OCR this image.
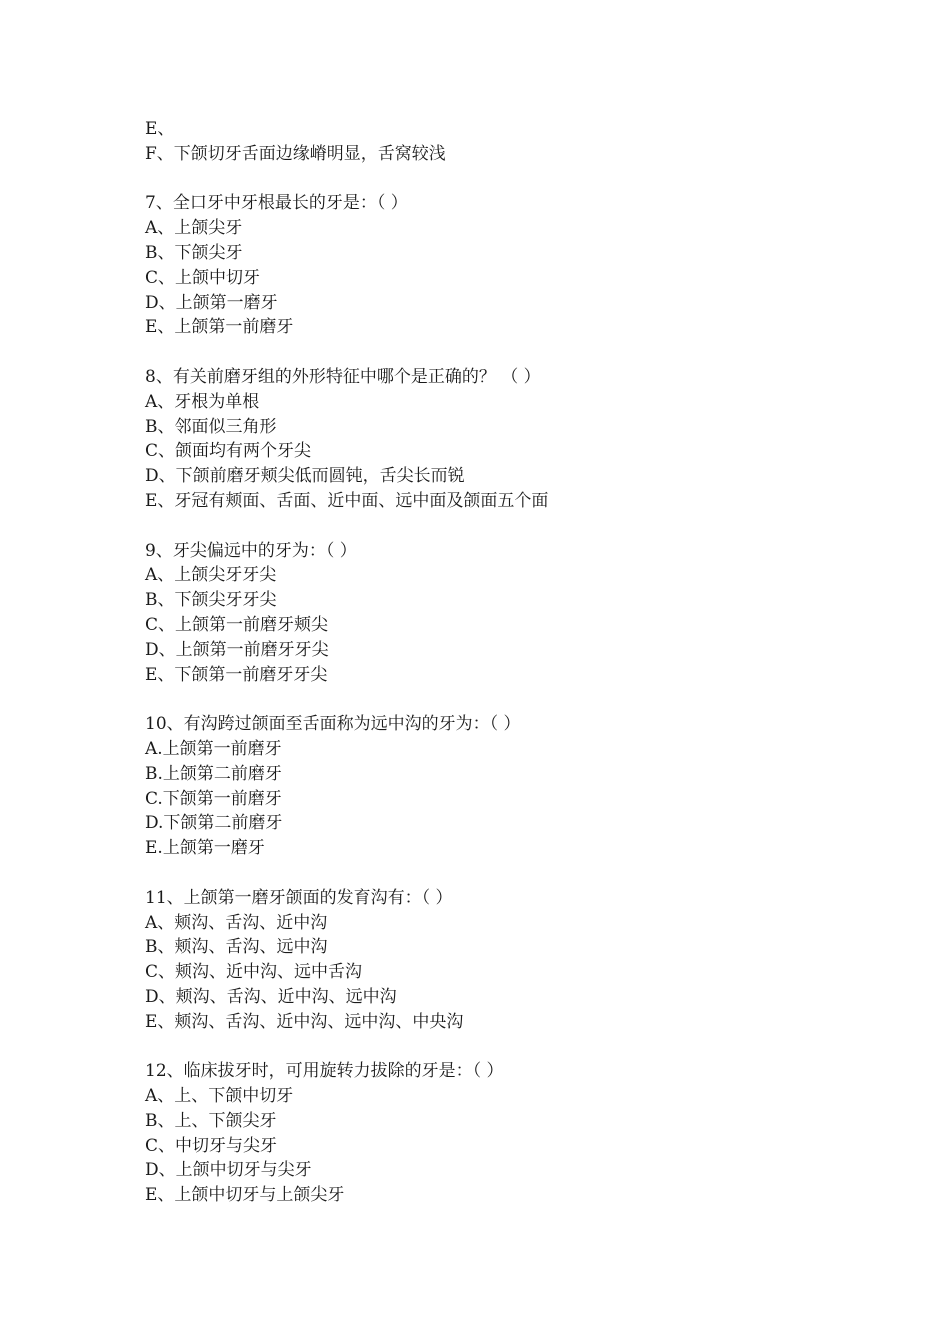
E、
F、下颌切牙舌面边缘嵴明显，舌窝较浅
7、全口牙中牙根最长的牙是：（ ）
A、上颌尖牙
B、下颌尖牙
C、上颌中切牙
D、上颌第一磨牙
E、上颌第一前磨牙
8、有关前磨牙组的外形特征中哪个是正确的？ （ ）
A、牙根为单根
B、邻面似三角形
C、颌面均有两个牙尖
D、下颌前磨牙颊尖低而圆钝，舌尖长而锐
E、牙冠有颊面、舌面、近中面、远中面及颌面五个面
9、牙尖偏远中的牙为：（ ）
A、上颌尖牙牙尖
B、下颌尖牙牙尖
C、上颌第一前磨牙颊尖
D、上颌第一前磨牙牙尖
E、下颌第一前磨牙牙尖
10、有沟跨过颌面至舌面称为远中沟的牙为：（ ）
A.上颌第一前磨牙
B.上颌第二前磨牙
C.下颌第一前磨牙
D.下颌第二前磨牙
E.上颌第一磨牙
11、上颌第一磨牙颌面的发育沟有：（ ）
A、颊沟、舌沟、近中沟
B、颊沟、舌沟、远中沟
C、颊沟、近中沟、远中舌沟
D、颊沟、舌沟、近中沟、远中沟
E、颊沟、舌沟、近中沟、远中沟、中央沟
12、临床拔牙时，可用旋转力拔除的牙是：（ ）
A、上、下颌中切牙
B、上、下颌尖牙
C、中切牙与尖牙
D、上颌中切牙与尖牙
E、上颌中切牙与上颌尖牙
